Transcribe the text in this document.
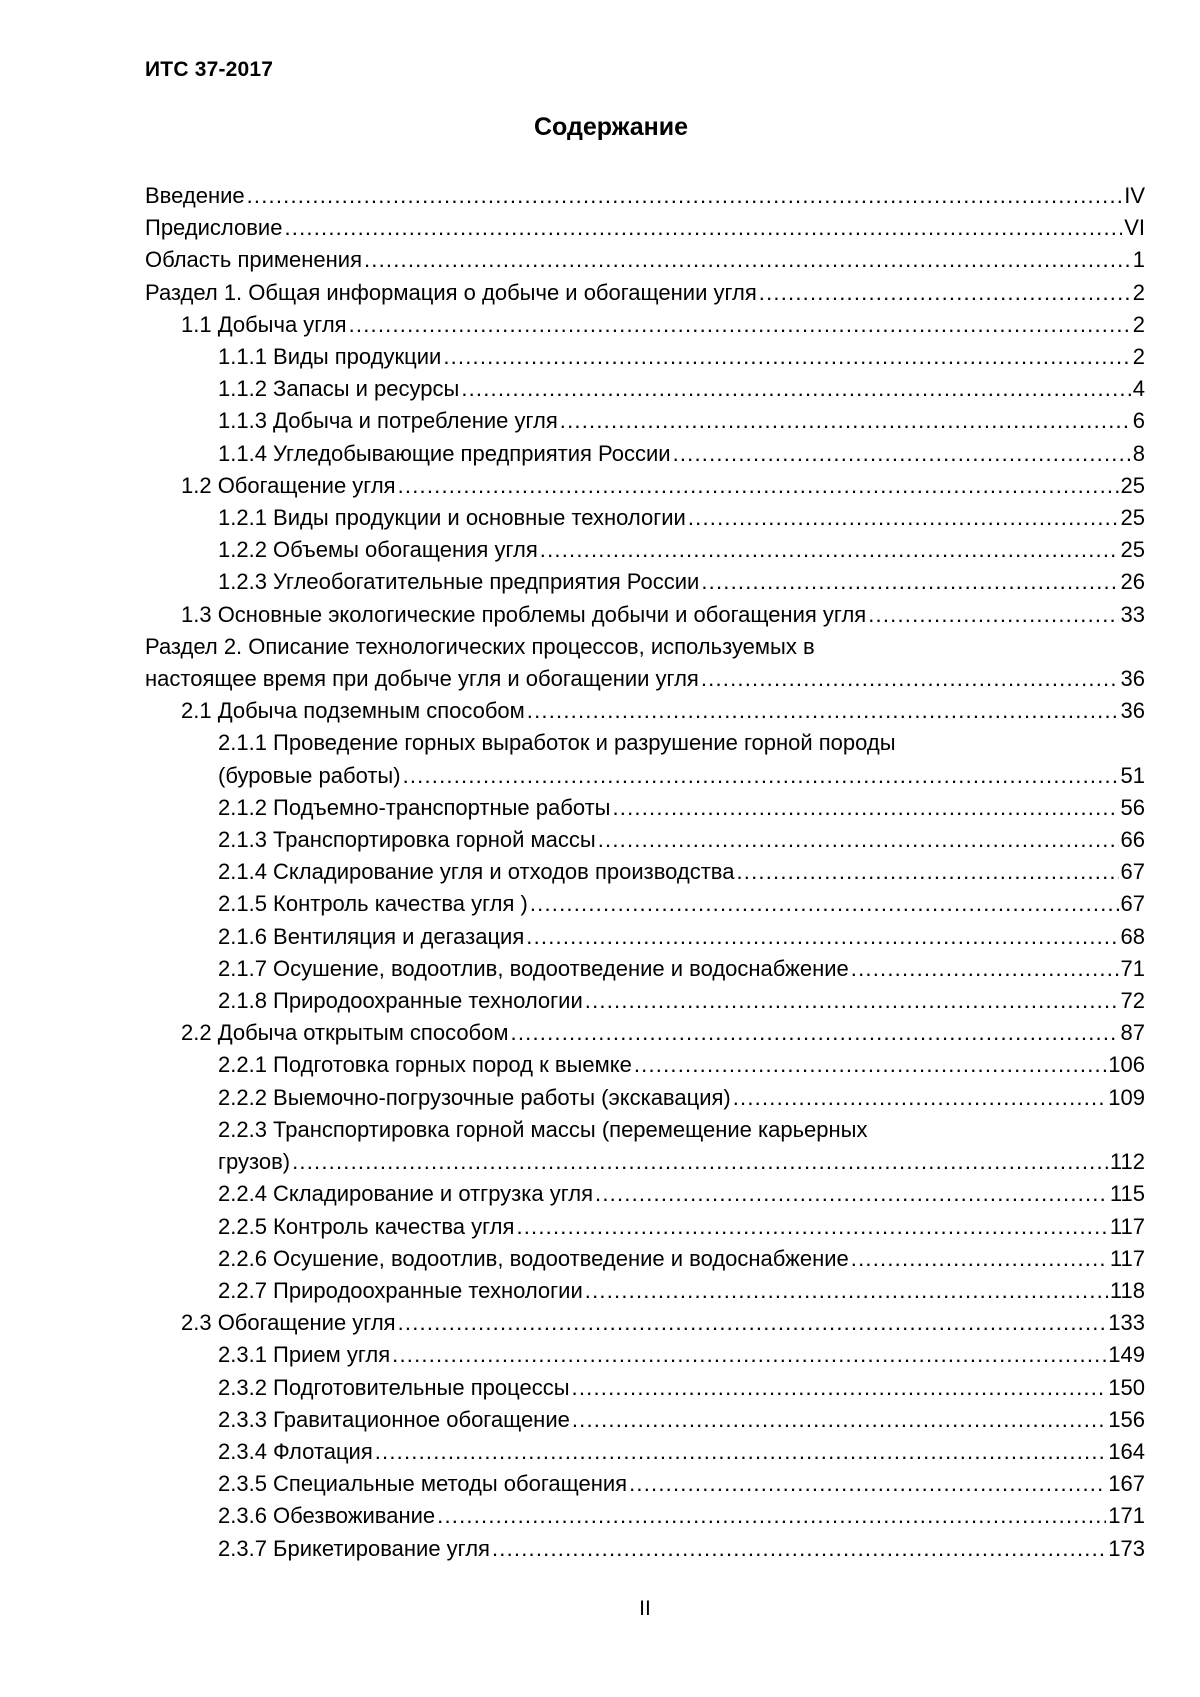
ИТС 37-2017
Содержание
Введение .....	IV
Предисловие .....	VI
Область применения .....	1
Раздел 1. Общая информация о добыче и обогащении угля .....	2
1.1 Добыча угля .....	2
1.1.1 Виды продукции .....	2
1.1.2 Запасы и ресурсы .....	4
1.1.3 Добыча и потребление угля .....	6
1.1.4 Угледобывающие предприятия России .....	8
1.2 Обогащение угля .....	25
1.2.1 Виды продукции и основные технологии .....	25
1.2.2 Объемы обогащения угля .....	25
1.2.3 Углеобогатительные предприятия России .....	26
1.3 Основные экологические проблемы добычи и обогащения угля .....	33
Раздел 2. Описание технологических процессов, используемых в
настоящее время при добыче угля и обогащении угля .....	36
2.1 Добыча подземным способом .....	36
2.1.1 Проведение горных выработок и разрушение горной породы
(буровые работы) .....	51
2.1.2 Подъемно-транспортные работы .....	56
2.1.3 Транспортировка горной массы .....	66
2.1.4 Складирование угля и отходов производства .....	67
2.1.5 Контроль качества угля ) .....	67
2.1.6 Вентиляция и дегазация .....	68
2.1.7 Осушение, водоотлив, водоотведение и водоснабжение .....	71
2.1.8 Природоохранные технологии .....	72
2.2 Добыча открытым способом .....	87
2.2.1 Подготовка горных пород к выемке .....	106
2.2.2 Выемочно-погрузочные работы (экскавация) .....	109
2.2.3 Транспортировка горной массы (перемещение карьерных
грузов) .....	112
2.2.4 Складирование и отгрузка угля .....	115
2.2.5 Контроль качества угля .....	117
2.2.6 Осушение, водоотлив, водоотведение и водоснабжение .....	117
2.2.7 Природоохранные технологии .....	118
2.3 Обогащение угля .....	133
2.3.1 Прием угля .....	149
2.3.2 Подготовительные процессы .....	150
2.3.3 Гравитационное обогащение .....	156
2.3.4 Флотация .....	164
2.3.5 Специальные методы обогащения .....	167
2.3.6 Обезвоживание .....	171
2.3.7 Брикетирование угля .....	173
II
